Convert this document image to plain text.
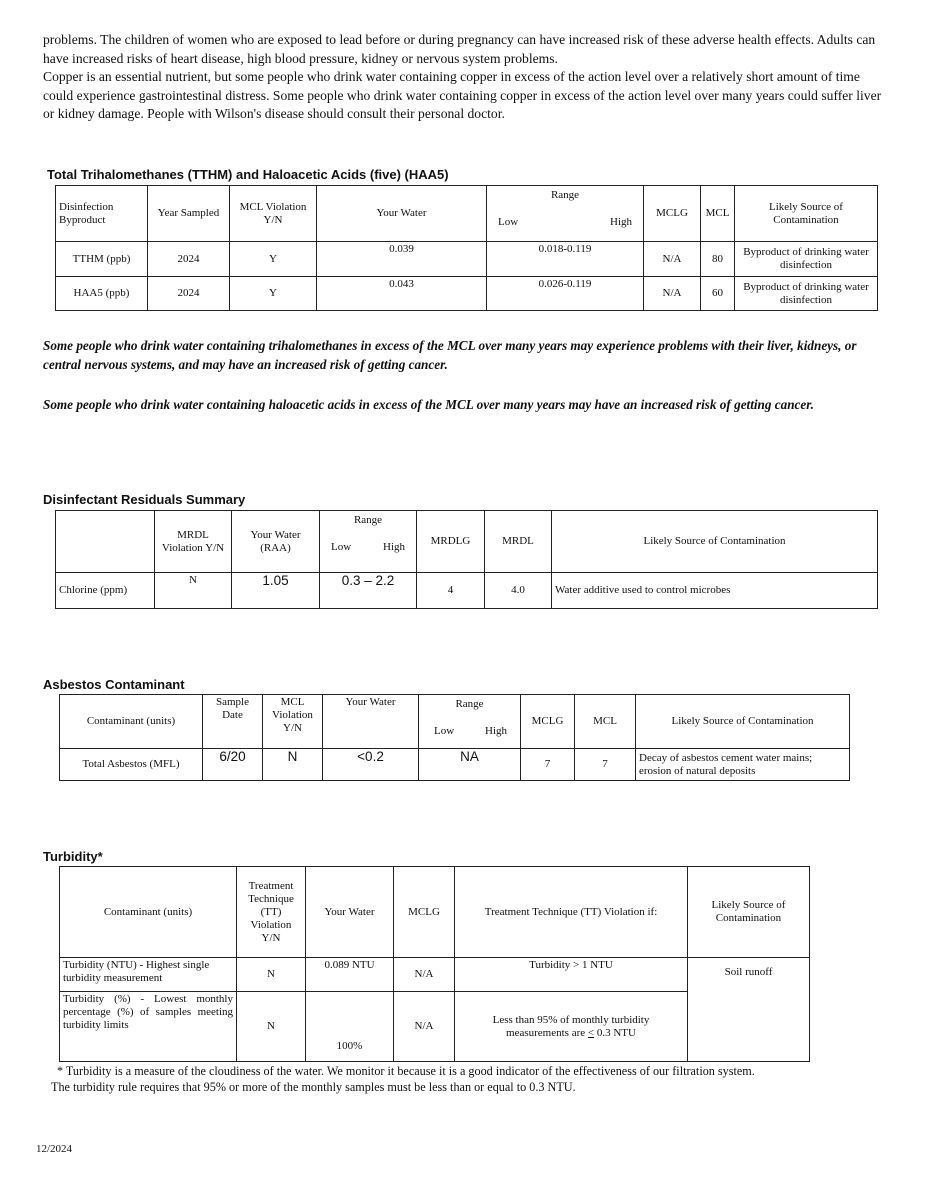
problems. The children of women who are exposed to lead before or during pregnancy can have increased risk of these adverse health effects. Adults can have increased risks of heart disease, high blood pressure, kidney or nervous system problems.

Copper is an essential nutrient, but some people who drink water containing copper in excess of the action level over a relatively short amount of time could experience gastrointestinal distress. Some people who drink water containing copper in excess of the action level over many years could suffer liver or kidney damage. People with Wilson's disease should consult their personal doctor.

Total Trihalomethanes (TTHM) and Haloacetic Acids (five) (HAA5)
Disinfection Byproduct	Year Sampled	MCL Violation Y/N	Your Water	Range
Low High	MCLG	MCL	Likely Source of Contamination
TTHM (ppb)	2024	Y	0.039	0.018-0.119	N/A	80	Byproduct of drinking water disinfection
HAA5 (ppb)	2024	Y	0.043	0.026-0.119	N/A	60	Byproduct of drinking water disinfection
Some people who drink water containing trihalomethanes in excess of the MCL over many years may experience problems with their liver, kidneys, or central nervous systems, and may have an increased risk of getting cancer.
Some people who drink water containing haloacetic acids in excess of the MCL over many years may have an increased risk of getting cancer.
Disinfectant Residuals Summary
	MRDL Violation Y/N	Your Water (RAA)	Range
Low High	MRDLG	MRDL	Likely Source of Contamination
Chlorine (ppm)	N	1.05	0.3 – 2.2	4	4.0	Water additive used to control microbes
Asbestos Contaminant
Contaminant (units)	Sample Date	MCL Violation Y/N	Your Water	Range
Low High	MCLG	MCL	Likely Source of Contamination
Total Asbestos (MFL)	6/20	N	<0.2	NA	7	7	Decay of asbestos cement water mains; erosion of natural deposits
Turbidity*
Contaminant (units)	Treatment Technique (TT) Violation Y/N	Your Water	MCLG	Treatment Technique (TT) Violation if:	Likely Source of Contamination
Turbidity (NTU) - Highest single turbidity measurement	N	0.089 NTU	N/A	Turbidity > 1 NTU	Soil runoff
Turbidity (%) - Lowest monthly percentage (%) of samples meeting turbidity limits	N	100%	N/A	Less than 95% of monthly turbidity measurements are ≤ 0.3 NTU	
* Turbidity is a measure of the cloudiness of the water. We monitor it because it is a good indicator of the effectiveness of our filtration system.
The turbidity rule requires that 95% or more of the monthly samples must be less than or equal to 0.3 NTU.
12/2024
